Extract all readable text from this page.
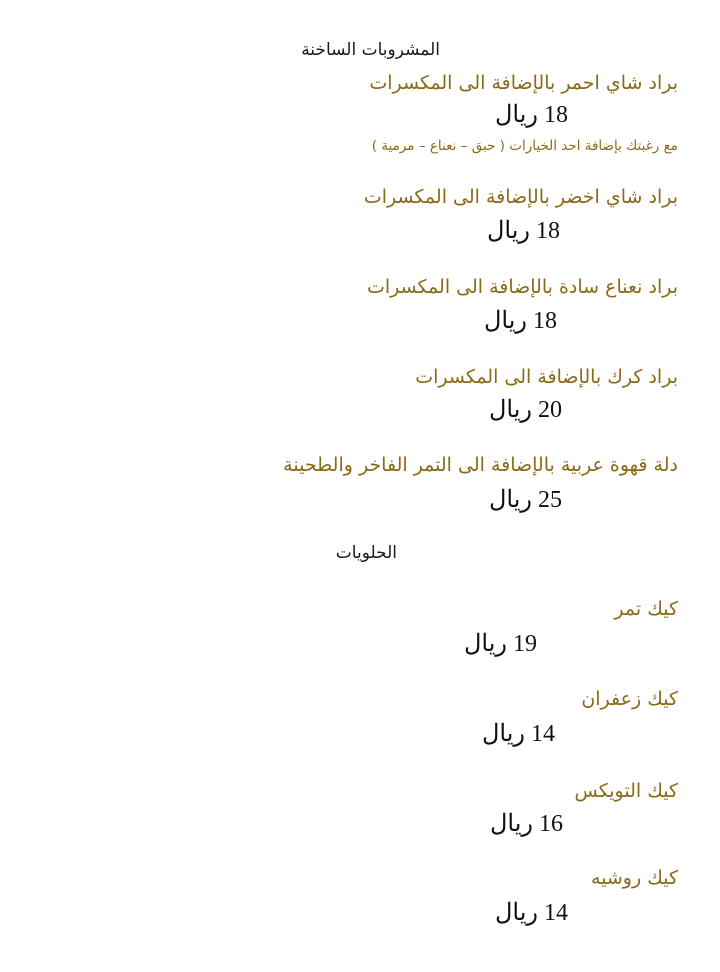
المشروبات الساخنة
براد شاي احمر بالإضافة الى المكسرات
18 ريال
مع رغبتك بإضافة احد الخيارات ( حبق – نعناع – مرمية )
براد شاي اخضر بالإضافة الى المكسرات
18 ريال
براد نعناع سادة بالإضافة الى المكسرات
18 ريال
براد كرك بالإضافة الى المكسرات
20 ريال
دلة قهوة عربية بالإضافة الى التمر الفاخر والطحينة
25 ريال
الحلويات
كيك تمر
19 ريال
كيك زعفران
14 ريال
كيك التويكس
16 ريال
كيك روشيه
14 ريال
